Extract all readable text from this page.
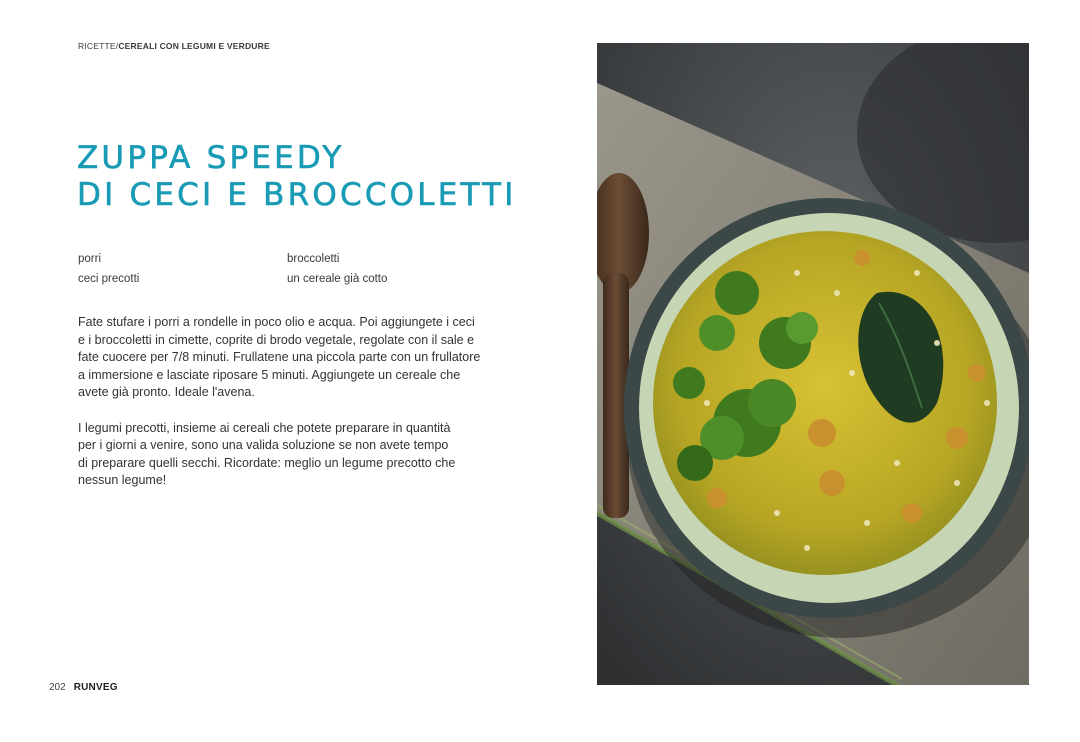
RICETTE/CEREALI CON LEGUMI E VERDURE
ZUPPA SPEEDY
DI CECI E BROCCOLETTI
porri	broccoletti
ceci precotti	un cereale già cotto

Fate stufare i porri a rondelle in poco olio e acqua. Poi aggiungete i ceci
e i broccoletti in cimette, coprite di brodo vegetale, regolate con il sale e
fate cuocere per 7/8 minuti. Frullatene una piccola parte con un frullatore
a immersione e lasciate riposare 5 minuti. Aggiungete un cereale che
avete già pronto. Ideale l'avena.

I legumi precotti, insieme ai cereali che potete preparare in quantità
per i giorni a venire, sono una valida soluzione se non avete tempo
di preparare quelli secchi. Ricordate: meglio un legume precotto che
nessun legume!

202 RUNVEG
